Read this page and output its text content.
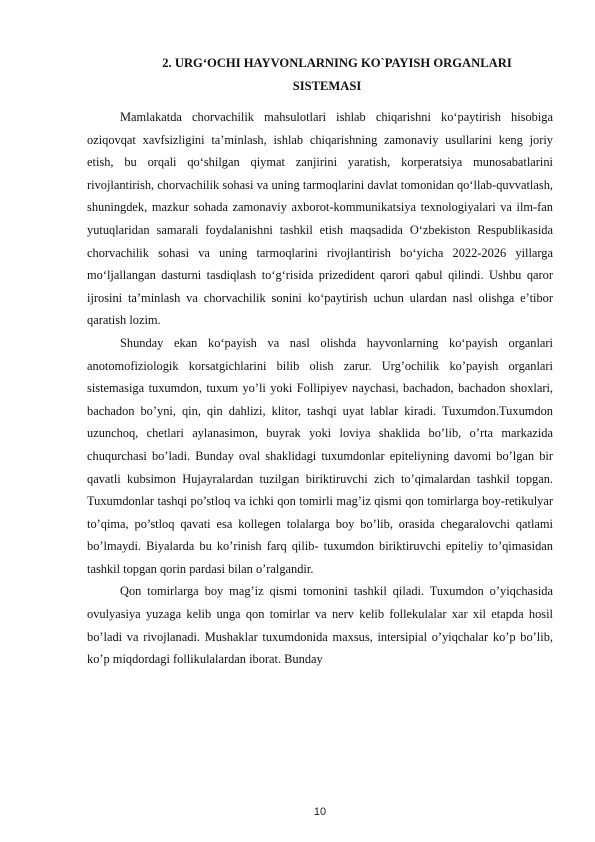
2. URG‘OCHI HAYVONLARNING KO`PAYISH ORGANLARI
SISTEMASI

Mamlakatda chorvachilik mahsulotlari ishlab chiqarishni ko‘paytirish hisobiga oziqovqat xavfsizligini ta’minlash, ishlab chiqarishning zamonaviy usullarini keng joriy etish, bu orqali qo‘shilgan qiymat zanjirini yaratish, korperatsiya munosabatlarini rivojlantirish, chorvachilik sohasi va uning tarmoqlarini davlat tomonidan qo‘llab-quvvatlash, shuningdek, mazkur sohada zamonaviy axborot-kommunikatsiya texnologiyalari va ilm-fan yutuqlaridan samarali foydalanishni tashkil etish maqsadida O‘zbekiston Respublikasida chorvachilik sohasi va uning tarmoqlarini rivojlantirish bo‘yicha 2022-2026 yillarga mo‘ljallangan dasturni tasdiqlash to‘g‘risida prizedident qarori qabul qilindi. Ushbu qaror ijrosini ta’minlash va chorvachilik sonini ko‘paytirish uchun ulardan nasl olishga e’tibor qaratish lozim.

Shunday ekan ko‘payish va nasl olishda hayvonlarning ko‘payish organlari anotomofiziologik korsatgichlarini bilib olish zarur. Urg’ochilik ko’payish organlari sistemasiga tuxumdon, tuxum yo’li yoki Follipiyev naychasi, bachadon, bachadon shoxlari, bachadon bo’yni, qin, qin dahlizi, klitor, tashqi uyat lablar kiradi. Tuxumdon.Tuxumdon uzunchoq, chetlari aylanasimon, buyrak yoki loviya shaklida bo’lib, o’rta markazida chuqurchasi bo’ladi. Bunday oval shaklidagi tuxumdonlar epiteliyning davomi bo’lgan bir qavatli kubsimon Hujayralardan tuzilgan biriktiruvchi zich to’qimalardan tashkil topgan. Tuxumdonlar tashqi po’stloq va ichki qon tomirli mag’iz qismi qon tomirlarga boy-retikulyar to’qima, po’stloq qavati esa kollegen tolalarga boy bo’lib, orasida chegaralovchi qatlami bo’lmaydi. Biyalarda bu ko’rinish farq qilib- tuxumdon biriktiruvchi epiteliy to’qimasidan tashkil topgan qorin pardasi bilan o’ralgandir.

Qon tomirlarga boy mag’iz qismi tomonini tashkil qiladi. Tuxumdon o’yiqchasida ovulyasiya yuzaga kelib unga qon tomirlar va nerv kelib follekulalar xar xil etapda hosil bo’ladi va rivojlanadi. Mushaklar tuxumdonida maxsus, intersipial o’yiqchalar ko’p bo’lib, ko’p miqdordagi follikulalardan iborat. Bunday

10
